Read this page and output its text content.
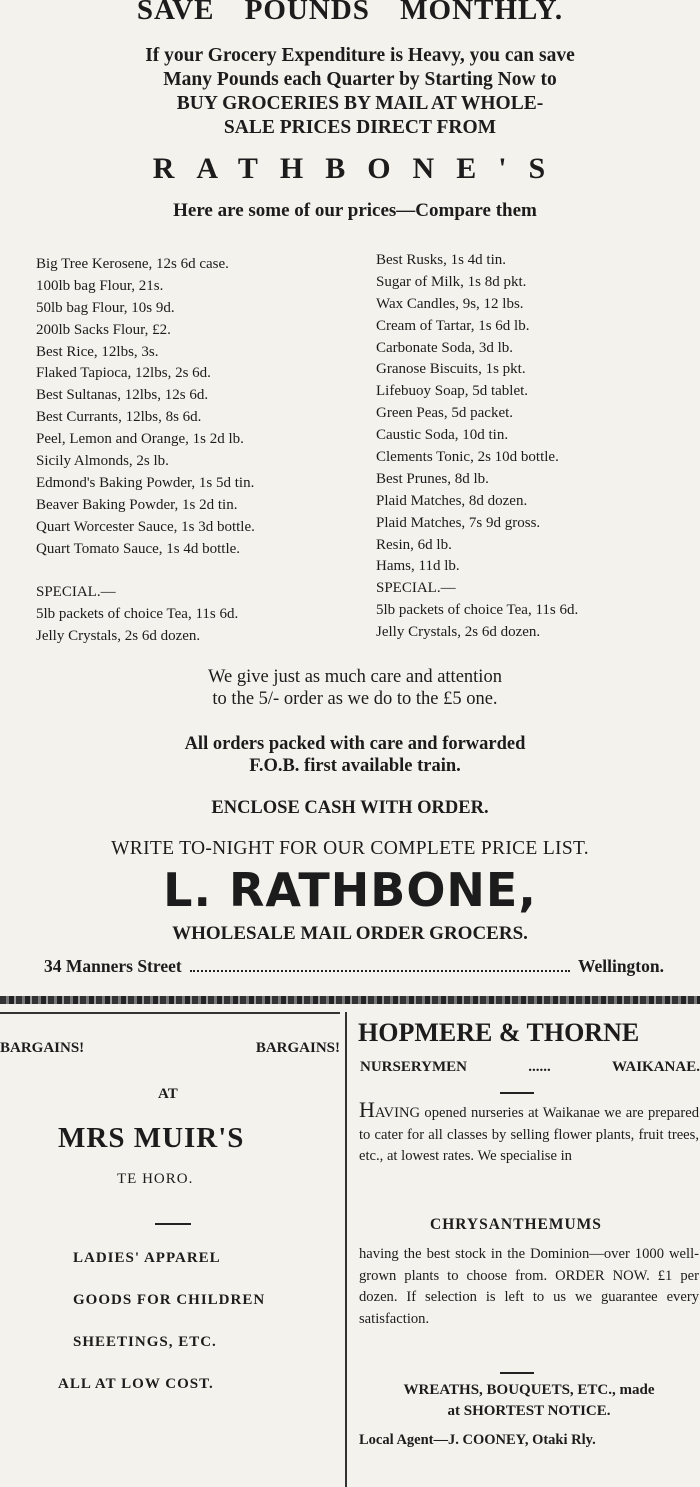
SAVE POUNDS MONTHLY.
If your Grocery Expenditure is Heavy, you can save
Many Pounds each Quarter by Starting Now to
BUY GROCERIES BY MAIL AT WHOLE-
SALE PRICES DIRECT FROM
RATHBONE'S
Here are some of our prices—Compare them
Big Tree Kerosene, 12s 6d case.
100lb bag Flour, 21s.
50lb bag Flour, 10s 9d.
200lb Sacks Flour, £2.
Best Rice, 12lbs, 3s.
Flaked Tapioca, 12lbs, 2s 6d.
Best Sultanas, 12lbs, 12s 6d.
Best Currants, 12lbs, 8s 6d.
Peel, Lemon and Orange, 1s 2d lb.
Sicily Almonds, 2s lb.
Edmond's Baking Powder, 1s 5d tin.
Beaver Baking Powder, 1s 2d tin.
Quart Worcester Sauce, 1s 3d bottle.
Quart Tomato Sauce, 1s 4d bottle.
SPECIAL.—
5lb packets of choice Tea, 11s 6d.
Jelly Crystals, 2s 6d dozen.
Best Rusks, 1s 4d tin.
Sugar of Milk, 1s 8d pkt.
Wax Candles, 9s, 12 lbs.
Cream of Tartar, 1s 6d lb.
Carbonate Soda, 3d lb.
Granose Biscuits, 1s pkt.
Lifebuoy Soap, 5d tablet.
Green Peas, 5d packet.
Caustic Soda, 10d tin.
Clements Tonic, 2s 10d bottle.
Best Prunes, 8d lb.
Plaid Matches, 8d dozen.
Plaid Matches, 7s 9d gross.
Resin, 6d lb.
Hams, 11d lb.
SPECIAL.—
5lb packets of choice Tea, 11s 6d.
Jelly Crystals, 2s 6d dozen.
We give just as much care and attention
to the 5/- order as we do to the £5 one.
All orders packed with care and forwarded
F.O.B. first available train.
ENCLOSE CASH WITH ORDER.
WRITE TO-NIGHT FOR OUR COMPLETE PRICE LIST.
L. RATHBONE,
WHOLESALE MAIL ORDER GROCERS.
34 Manners Street	Wellington.
BARGAINS!	BARGAINS!
AT
MRS MUIR'S
TE HORO.
LADIES' APPAREL
GOODS FOR CHILDREN
SHEETINGS, ETC.
ALL AT LOW COST.
HOPMERE & THORNE
NURSERYMEN	......	WAIKANAE.
HAVING opened nurseries at Waikanae we are prepared to cater for all classes by selling flower plants, fruit trees, etc., at lowest rates. We specialise in
CHRYSANTHEMUMS
having the best stock in the Dominion—over 1000 well-grown plants to choose from. ORDER NOW. £1 per dozen. If selection is left to us we guarantee every satisfaction.
WREATHS, BOUQUETS, ETC., made
at SHORTEST NOTICE.
Local Agent—J. COONEY, Otaki Rly.
